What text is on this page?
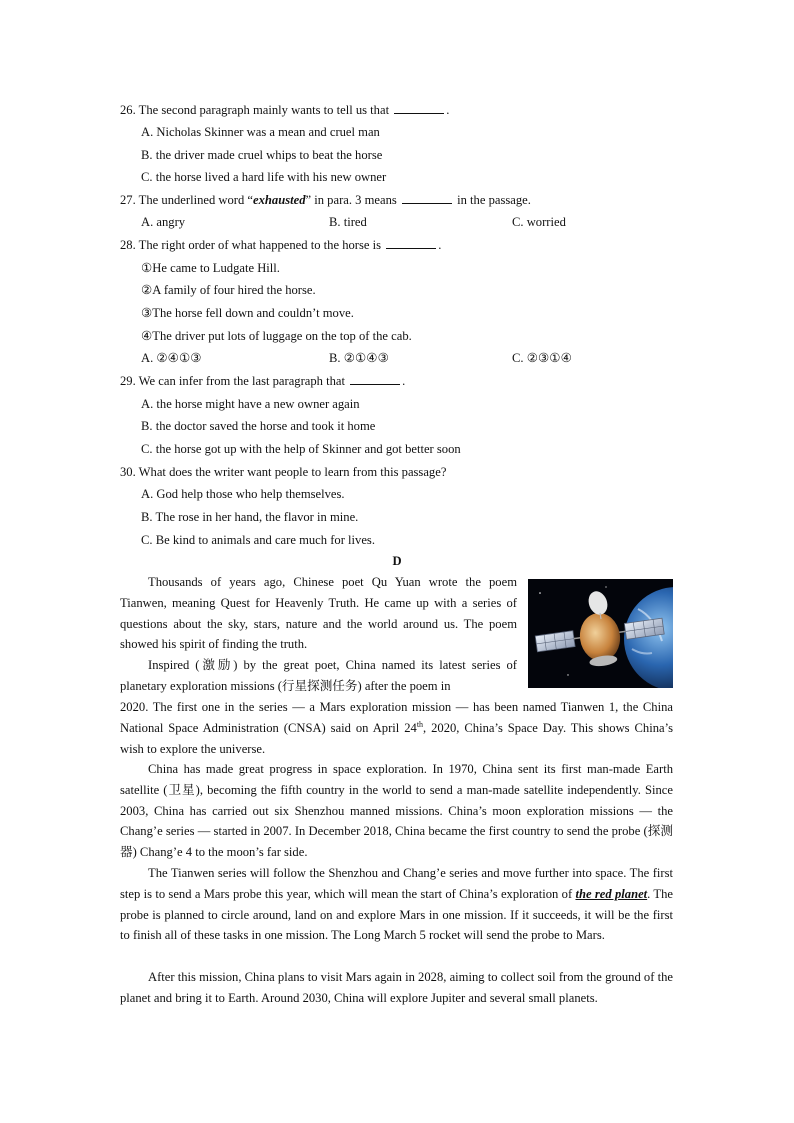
26. The second paragraph mainly wants to tell us that	.
A. Nicholas Skinner was a mean and cruel man
B. the driver made cruel whips to beat the horse
C. the horse lived a hard life with his new owner
27. The underlined word “exhausted” in para. 3 means	in the passage.
A. angry	B. tired	C. worried
28. The right order of what happened to the horse is	.
①He came to Ludgate Hill.
②A family of four hired the horse.
③The horse fell down and couldn’t move.
④The driver put lots of luggage on the top of the cab.
A. ②④①③	B. ②①④③	C. ②③①④
29. We can infer from the last paragraph that	.
A. the horse might have a new owner again
B. the doctor saved the horse and took it home
C. the horse got up with the help of Skinner and got better soon
30. What does the writer want people to learn from this passage?
A. God help those who help themselves.
B. The rose in her hand, the flavor in mine.
C. Be kind to animals and care much for lives.
D
Thousands of years ago, Chinese poet Qu Yuan wrote the poem Tianwen, meaning Quest for Heavenly Truth. He came up with a series of questions about the sky, stars, nature and the world around us. The poem showed his spirit of finding the truth.
Inspired (激励) by the great poet, China named its latest series of planetary exploration missions (行星探测任务) after the poem in
2020. The first one in the series — a Mars exploration mission — has been named Tianwen 1, the China National Space Administration (CNSA) said on April 24th, 2020, China’s Space Day. This shows China’s wish to explore the universe.
China has made great progress in space exploration. In 1970, China sent its first man-made Earth satellite (卫星), becoming the fifth country in the world to send a man-made satellite independently. Since 2003, China has carried out six Shenzhou manned missions. China’s moon exploration missions — the Chang’e series — started in 2007. In December 2018, China became the first country to send the probe (探测器) Chang’e 4 to the moon’s far side.
The Tianwen series will follow the Shenzhou and Chang’e series and move further into space. The first step is to send a Mars probe this year, which will mean the start of China’s exploration of the red planet. The probe is planned to circle around, land on and explore Mars in one mission. If it succeeds, it will be the first to finish all of these tasks in one mission. The Long March 5 rocket will send the probe to Mars.
After this mission, China plans to visit Mars again in 2028, aiming to collect soil from the ground of the planet and bring it to Earth. Around 2030, China will explore Jupiter and several small planets.
